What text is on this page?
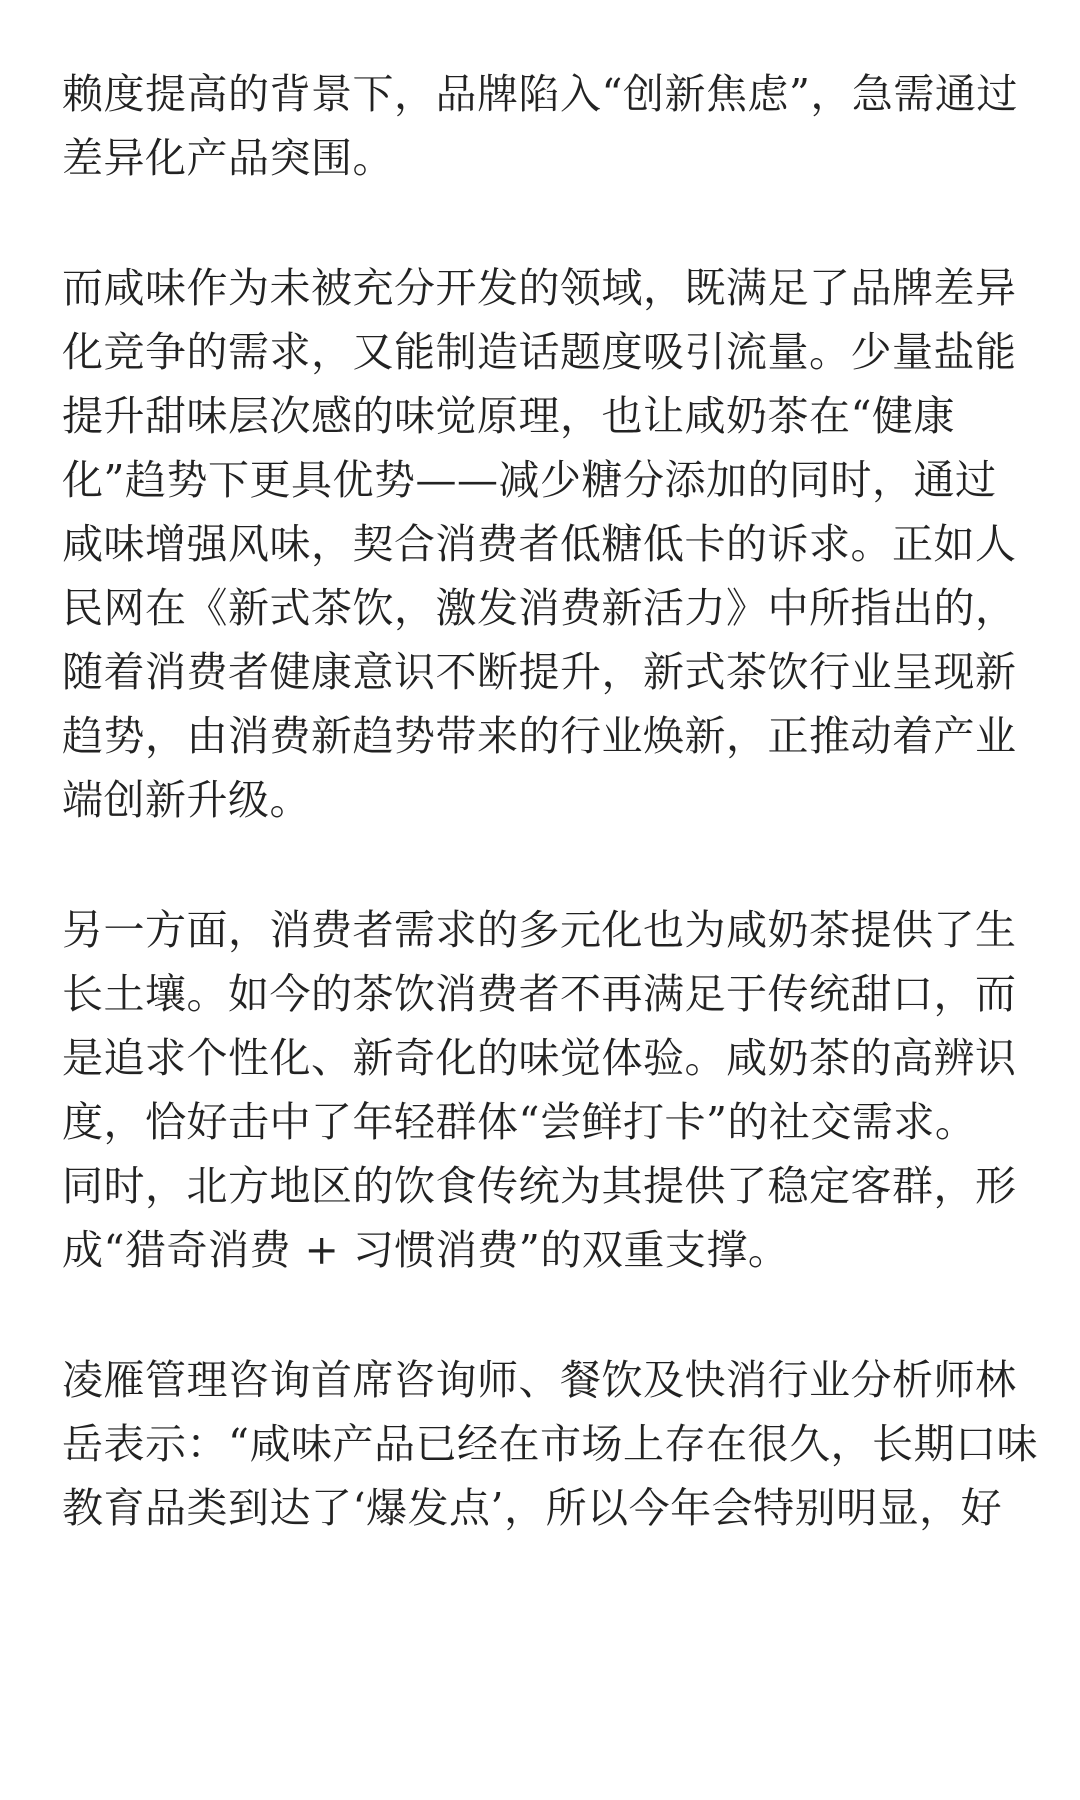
赖度提高的背景下，品牌陷入“创新焦虑”，急需通过
差异化产品突围。
而咸味作为未被充分开发的领域，既满足了品牌差异
化竞争的需求，又能制造话题度吸引流量。少量盐能
提升甜味层次感的味觉原理，也让咸奶茶在“健康
化”趋势下更具优势——减少糖分添加的同时，通过
咸味增强风味，契合消费者低糖低卡的诉求。正如人
民网在《新式茶饮，激发消费新活力》中所指出的，
随着消费者健康意识不断提升，新式茶饮行业呈现新
趋势，由消费新趋势带来的行业焕新，正推动着产业
端创新升级。
另一方面，消费者需求的多元化也为咸奶茶提供了生
长土壤。如今的茶饮消费者不再满足于传统甜口，而
是追求个性化、新奇化的味觉体验。咸奶茶的高辨识
度，恰好击中了年轻群体“尝鲜打卡”的社交需求。
同时，北方地区的饮食传统为其提供了稳定客群，形
成“猎奇消费 + 习惯消费”的双重支撑。
凌雁管理咨询首席咨询师、餐饮及快消行业分析师林
岳表示：“咸味产品已经在市场上存在很久，长期口味
教育品类到达了‘爆发点’，所以今年会特别明显，好
